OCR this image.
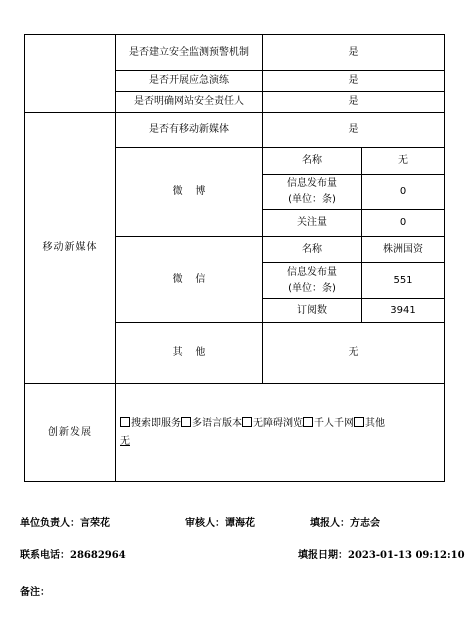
	是否建立安全监测预警机制	是	
	是否开展应急演练	是	
	是否明确网站安全责任人	是	
移动新媒体	是否有移动新媒体	是	
	微    博	名称	无
		信息发布量
(单位：条)	0
		关注量	0
	微    信	名称	株洲国资
		信息发布量
(单位：条)	551
		订阅数	3941
	其    他	无	
创新发展	搜索即服务 多语言版本 无障碍浏览 千人千网 其他
无		
单位负责人：言荣花	审核人：谭海花	填报人：方志会
联系电话：28682964	填报日期：2023-01-13 09:12:10
备注：
